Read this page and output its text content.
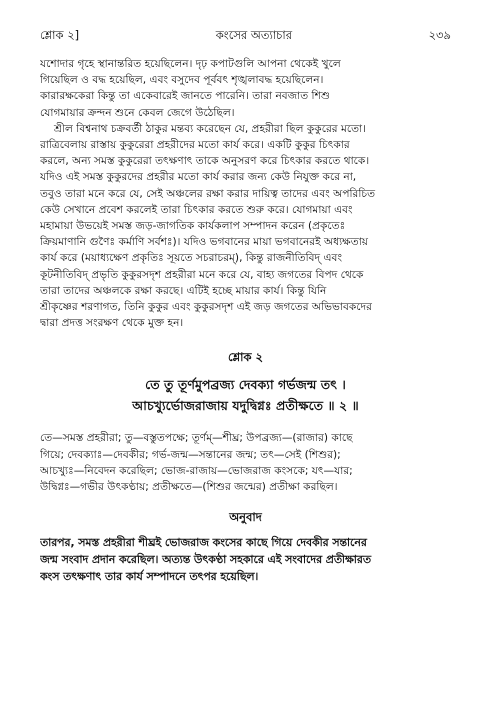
শ্লোক ২]	কংসের অত্যাচার	২৩৯
যশোদার গৃহে স্থানান্তরিত হয়েছিলেন। দৃঢ় কপাটগুলি আপনা থেকেই খুলে
গিয়েছিল ও বদ্ধ হয়েছিল, এবং বসুদেব পূর্ববৎ শৃঙ্খলাবদ্ধ হয়েছিলেন।
কারারক্ষকেরা কিন্তু তা একেবারেই জানতে পারেনি। তারা নবজাত শিশু
যোগমায়ার ক্রন্দন শুনে কেবল জেগে উঠেছিল।
শ্রীল বিশ্বনাথ চক্রবর্তী ঠাকুর মন্তব্য করেছেন যে, প্রহরীরা ছিল কুকুরের মতো।
রাত্রিবেলায় রাস্তায় কুকুরেরা প্রহরীদের মতো কার্য করে। একটি কুকুর চিৎকার
করলে, অন্য সমস্ত কুকুরেরা তৎক্ষণাৎ তাকে অনুসরণ করে চিৎকার করতে থাকে।
যদিও এই সমস্ত কুকুরদের প্রহরীর মতো কার্য করার জন্য কেউ নিযুক্ত করে না,
তবুও তারা মনে করে যে, সেই অঞ্চলের রক্ষা করার দায়িত্ব তাদের এবং অপরিচিত
কেউ সেখানে প্রবেশ করলেই তারা চিৎকার করতে শুরু করে। যোগমায়া এবং
মহামায়া উভয়েই সমস্ত জড়-জাগতিক কার্যকলাপ সম্পাদন করেন (প্রকৃতেঃ
ক্রিয়মাণানি গুণৈঃ কর্মাণি সর্বশঃ)। যদিও ভগবানের মায়া ভগবানেরই অধ্যক্ষতায়
কার্য করে (ময়াধ্যক্ষেণ প্রকৃতিঃ সূয়তে সচরাচরম্), কিন্তু রাজনীতিবিদ্ এবং
কূটনীতিবিদ্ প্রভৃতি কুকুরসদৃশ প্রহরীরা মনে করে যে, বাহ্য জগতের বিপদ থেকে
তারা তাদের অঞ্চলকে রক্ষা করছে। এটিই হচ্ছে মায়ার কার্য। কিন্তু যিনি
শ্রীকৃষ্ণের শরণাগত, তিনি কুকুর এবং কুকুরসদৃশ এই জড় জগতের অভিভাবকদের
দ্বারা প্রদত্ত সংরক্ষণ থেকে মুক্ত হন।
শ্লোক ২
তে তু তূর্ণমুপব্রজ্য দেবক্যা গর্ভজন্ম তৎ ।
আচখ্যুর্ভোজরাজায় যদুদ্বিগ্নঃ প্রতীক্ষতে ॥ ২ ॥
তে—সমস্ত প্রহরীরা; তু—বস্তুতপক্ষে; তূর্ণম্—শীঘ্র; উপব্রজ্য—(রাজার) কাছে
গিয়ে; দেবক্যাঃ—দেবকীর; গর্ভ-জন্ম—সন্তানের জন্ম; তৎ—সেই (শিশুর);
আচখ্যুঃ—নিবেদন করেছিল; ভোজ-রাজায়—ভোজরাজ কংসকে; যৎ—যার;
উদ্বিগ্নঃ—গভীর উৎকণ্ঠায়; প্রতীক্ষতে—(শিশুর জন্মের) প্রতীক্ষা করছিল।
অনুবাদ
তারপর, সমস্ত প্রহরীরা শীঘ্রই ভোজরাজ কংসের কাছে গিয়ে দেবকীর সন্তানের
জন্ম সংবাদ প্রদান করেছিল। অত্যন্ত উৎকণ্ঠা সহকারে এই সংবাদের প্রতীক্ষারত
কংস তৎক্ষণাৎ তার কার্য সম্পাদনে তৎপর হয়েছিল।
